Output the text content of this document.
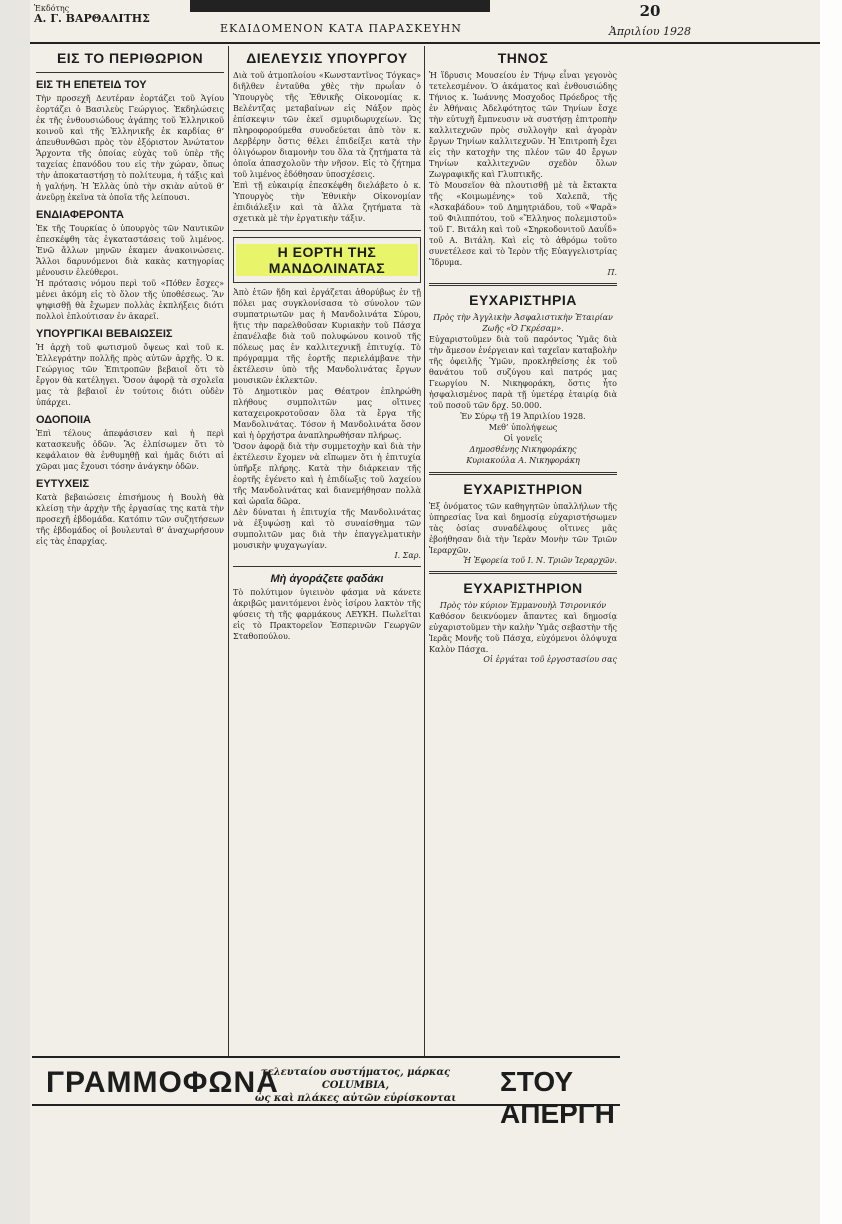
Ἐκδότης
Α. Γ. ΒΑΡΘΑΛΙΤΗΣ
ΕΚΔΙΔΟΜΕΝΟΝ ΚΑΤΑ ΠΑΡΑΣΚΕΥΗΝ
20
Ἀπριλίου 1928
ΕΙΣ ΤΟ ΠΕΡΙΘΩΡΙΟΝ
ΕΙΣ ΤΗ ΕΠΕΤΕΙΔ ΤΟΥ

Τὴν προσεχῆ Δευτέραν ἑορτάζει τοῦ Ἁγίου ἑορτάζει ὁ Βασιλεὺς Γεώργιος. Ἐκδηλώσεις ἐκ τῆς ἐνθουσιώδους ἀγάπης τοῦ Ἑλληνικοῦ κοινοῦ καὶ τῆς Ἑλληνικῆς ἐκ καρδίας θ’ ἀπευθυνθῶσι πρὸς τὸν ἐξόριστον Ἀνώτατον Ἄρχοντα τῆς ὁποίας εὐχὰς τοῦ ὑπὲρ τῆς ταχείας ἐπανόδου του εἰς τὴν χώραν, ὅπως τὴν ἀποκαταστήσῃ τὸ πολίτευμα, ἡ τάξις καὶ ἡ γαλήνη. Ἡ Ἑλλὰς ὑπὸ τὴν σκιὰν αὐτοῦ θ’ ἀνεῦρῃ ἐκεῖνα τὰ ὁποῖα τῆς λείπουσι.

ΕΝΔΙΑΦΕΡΟΝΤΑ

Ἐκ τῆς Τουρκίας ὁ ὑπουργὸς τῶν Ναυτικῶν ἐπεσκέφθη τὰς ἐγκαταστάσεις τοῦ λιμένος. Ἐνῶ ἄλλων μηνῶν ἐκαμεν ἀνακοινώσεις. Ἄλλοι δαρυνόμενοι διὰ κακὰς κατηγορίας μένουσιν ἐλεύθεροι.

Ἡ πρότασις νόμου περὶ τοῦ «Πόθεν ἔσχες» μένει ἀκόμη εἰς τὸ ὅλον τῆς ὑποθέσεως. Ἂν ψηφισθῇ θὰ ἔχωμεν πολλὰς ἐκπλήξεις διότι πολλοὶ ἐπλούτισαν ἐν ἀκαρεῖ.

ΥΠΟΥΡΓΙΚΑΙ ΒΕΒΑΙΩΣΕΙΣ

Ἡ ἀρχὴ τοῦ φωτισμοῦ ὄψεως καὶ τοῦ κ. Ἐλλεγράτην πολλῆς πρὸς αὐτῶν ἀρχῆς. Ὁ κ. Γεώργιος τῶν Ἐπιτροπῶν βεβαιοῖ ὅτι τὸ ἔργον θὰ κατέληγει. Ὅσον ἀφορᾷ τὰ σχολεῖα μας τὰ βεβαιοῖ ἐν τούτοις διότι οὐδὲν ὑπάρχει.

ΟΔΟΠΟΙΙΑ

Ἐπὶ τέλους ἀπεφάσισεν καὶ ἡ περὶ κατασκευῆς ὁδῶν. Ἂς ἐλπίσωμεν ὅτι τὸ κεφάλαιον θὰ ἐνθυμηθῇ καὶ ἡμᾶς διότι αἱ χῶραι μας ἔχουσι τόσην ἀνάγκην ὁδῶν.

ΕΥΤΥΧΕΙΣ

Κατὰ βεβαιώσεις ἐπισήμους ἡ Βουλὴ θὰ κλείσῃ τὴν ἀρχὴν τῆς ἐργασίας της κατὰ τὴν προσεχῆ ἑβδομάδα. Κατόπιν τῶν συζητήσεων τῆς ἑβδομάδος οἱ βουλευταὶ θ’ ἀναχωρήσουν εἰς τὰς ἐπαρχίας.

ΔΙΕΛΕΥΣΙΣ ΥΠΟΥΡΓΟΥ

Διὰ τοῦ ἀτμοπλοίου «Κωνσταντῖνος Τόγκας» διῆλθεν ἐνταῦθα χθὲς τὴν πρωΐαν ὁ Ὑπουργὸς τῆς Ἐθνικῆς Οἰκονομίας κ. Βελέντζας μεταβαίνων εἰς Νάξον πρὸς ἐπίσκεψιν τῶν ἐκεῖ σμυριδωρυχείων. Ὡς πληροφορούμεθα συνοδεύεται ἀπὸ τὸν κ. Δερβέρην ὅστις θέλει ἐπιδείξει κατὰ τὴν ὀλιγόωρον διαμονὴν του ὅλα τὰ ζητήματα τὰ ὁποῖα ἀπασχολοῦν τὴν νῆσον. Εἰς τὸ ζήτημα τοῦ λιμένος ἐδόθησαν ὑποσχέσεις.

Ἐπὶ τῇ εὐκαιρίᾳ ἐπεσκέφθη διελάβετο ὁ κ. Ὑπουργὸς τὴν Ἐθνικὴν Οἰκονομίαν ἐπιδιάλεξιν καὶ τὰ ἄλλα ζητήματα τὰ σχετικὰ μὲ τὴν ἐργατικὴν τάξιν.

Η ΕΟΡΤΗ ΤΗΣ ΜΑΝΔΟΛΙΝΑΤΑΣ

Ἀπὸ ἐτῶν ἤδη καὶ ἐργάζεται ἀθορύβως ἐν τῇ πόλει μας συγκλονίσασα τὸ σύνολον τῶν συμπατριωτῶν μας ἡ Μανδολινάτα Σύρου, ἥτις τὴν παρελθοῦσαν Κυριακὴν τοῦ Πάσχα ἐπανέλαβε διὰ τοῦ πολυφώνου κοινοῦ τῆς πόλεως μας ἐν καλλιτεχνικῇ ἐπιτυχίᾳ. Τὸ πρόγραμμα τῆς ἑορτῆς περιελάμβανε τὴν ἐκτέλεσιν ὑπὸ τῆς Μανδολινάτας ἔργων μουσικῶν ἐκλεκτῶν.

Τὸ Δημοτικὸν μας Θέατρον ἐπληρώθη πλήθους συμπολιτῶν μας οἵτινες καταχειροκροτοῦσαν ὅλα τὰ ἔργα τῆς Μανδολινάτας. Τόσον ἡ Μανδολινάτα ὅσον καὶ ἡ ὀρχήστρα ἀναπληρωθήσαν πλήρως.

Ὅσον ἀφορᾷ διὰ τὴν συμμετοχὴν καὶ διὰ τὴν ἐκτέλεσιν ἔχομεν νὰ εἴπωμεν ὅτι ἡ ἐπιτυχία ὑπῆρξε πλήρης. Κατὰ τὴν διάρκειαν τῆς ἑορτῆς ἐγένετο καὶ ἡ ἐπιδίωξις τοῦ λαχείου τῆς Μανδολινάτας καὶ διανεμήθησαν πολλὰ καὶ ὡραῖα δῶρα.

Δὲν δύναται ἡ ἐπιτυχία τῆς Μανδολινάτας νὰ ἐξυψώσῃ καὶ τὸ συναίσθημα τῶν συμπολιτῶν μας διὰ τὴν ἐπαγγελματικὴν μουσικὴν ψυχαγωγίαν.

Ι. Σαρ.
Μὴ ἀγοράζετε φαδάκι

Τὸ πολύτιμον ὑγιεινὸν φάσμα νὰ κάνετε ἀκριβῶς μανιτόμενοι ἐνὸς ἰσίρου λακτὸν τῆς φύσεις τὴ τῆς φαρμάκους ΛΕΥΚΗ. Πωλεῖται εἰς τὸ Πρακτορεῖον Ἑσπερινῶν Γεωργῶν Σταθοπούλου.

ΤΗΝΟΣ

Ἡ ἵδρυσις Μουσείου ἐν Τήνῳ εἶναι γεγονὸς τετελεσμένον. Ὁ ἀκάματος καὶ ἐνθουσιώδης Τήνιος κ. Ἰωάννης Μοσχοδος Πρόεδρος τῆς ἐν Ἀθήναις Ἀδελφότητος τῶν Τηνίων ἔσχε τὴν εὐτυχῆ ἔμπνευσιν νὰ συστήσῃ ἐπιτροπὴν καλλιτεχνῶν πρὸς συλλογὴν καὶ ἀγορὰν ἔργων Τηνίων καλλιτεχνῶν. Ἡ Ἐπιτροπὴ ἔχει εἰς τὴν κατοχὴν της πλέον τῶν 40 ἔργων Τηνίων καλλιτεχνῶν σχεδὸν ὅλων Ζωγραφικῆς καὶ Γλυπτικῆς.

Τὸ Μουσεῖον θὰ πλουτισθῇ μὲ τὰ ἔκτακτα τῆς «Κοιμωμένης» τοῦ Χαλεπᾶ, τῆς «Ἀσκαβάδου» τοῦ Δημητριάδου, τοῦ «Ψαρᾶ» τοῦ Φιλιππότου, τοῦ «Ἕλληνος πολεμιστοῦ» τοῦ Γ. Βιτάλη καὶ τοῦ «Σηρκοδονιτοῦ Δαυΐδ» τοῦ Α. Βιτάλη. Καὶ εἰς τὸ ἀθρόμω τοῦτο συνετέλεσε καὶ τὸ Ἱερὸν τῆς Εὐαγγελιστρίας Ἵδρυμα.

Π.
ΕΥΧΑΡΙΣΤΗΡΙΑ

Πρὸς τὴν Ἀγγλικὴν Ἀσφαλιστικὴν Ἑταιρίαν Ζωῆς «Ὁ Γκρέσαμ».

Εὐχαριστοῦμεν διὰ τοῦ παρόντος Ὑμᾶς διὰ τὴν ἄμεσον ἐνέργειαν καὶ ταχεῖαν καταβολὴν τῆς ὀφειλῆς Ὑμῶν, προκληθείσης ἐκ τοῦ θανάτου τοῦ συζύγου καὶ πατρός μας Γεωργίου Ν. Νικηφοράκη, ὅστις ἦτο ἠσφαλισμένος παρὰ τῇ ὑμετέρᾳ ἑταιρίᾳ διὰ τοῦ ποσοῦ τῶν δρχ. 50.000.

Ἐν Σύρῳ τῇ 19 Ἀπριλίου 1928.

Μεθ’ ὑπολήψεως

Οἱ γονεῖς

Δημοσθένης Νικηφοράκης

Κυριακούλα Α. Νικηφοράκη

ΕΥΧΑΡΙΣΤΗΡΙΟΝ

Ἐξ ὀνόματος τῶν καθηγητῶν ὑπαλλήλων τῆς ὑπηρεσίας ἵνα καὶ δημοσίᾳ εὐχαριστήσωμεν τὰς ὁσίας συναδέλφους οἵτινες μᾶς ἐβοήθησαν διὰ τὴν Ἱερὰν Μονὴν τῶν Τριῶν Ἱεραρχῶν.

Ἡ Ἐφορεία τοῦ Ι. Ν. Τριῶν Ἱεραρχῶν.
ΕΥΧΑΡΙΣΤΗΡΙΟΝ

Πρὸς τὸν κύριον Ἐμμανουὴλ Τσιρονικόν

Καθόσον δεικνύομεν ἄπαντες καὶ δημοσίᾳ εὐχαριστοῦμεν τὴν καλὴν Ὑμᾶς σεβαστὴν τῆς Ἱερᾶς Μονῆς τοῦ Πάσχα, εὐχόμενοι ὁλόψυχα Καλὸν Πάσχα.

Οἱ ἐργάται τοῦ ἐργοστασίου σας
ΓΡΑΜΜΟΦΩΝΑ
τελευταίου συστήματος, μάρκας COLUMBIA,
ὡς καὶ πλάκες αὐτῶν εὑρίσκονται
ΣΤΟΥ ΑΠΕΡΓΗ
